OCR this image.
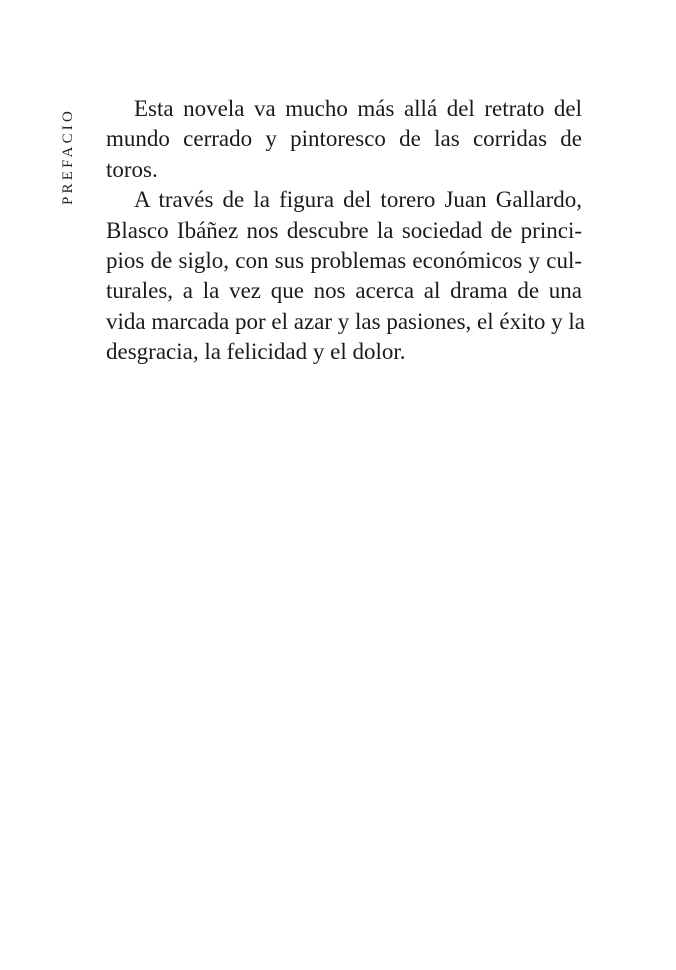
PREFACIO	Esta novela va mucho más allá del retrato del
mundo cerrado y pintoresco de las corridas de
toros.

A través de la figura del torero Juan Gallardo,
Blasco Ibáñez nos descubre la sociedad de princi-
pios de siglo, con sus problemas económicos y cul-
turales, a la vez que nos acerca al drama de una
vida marcada por el azar y las pasiones, el éxito y la
desgracia, la felicidad y el dolor.
